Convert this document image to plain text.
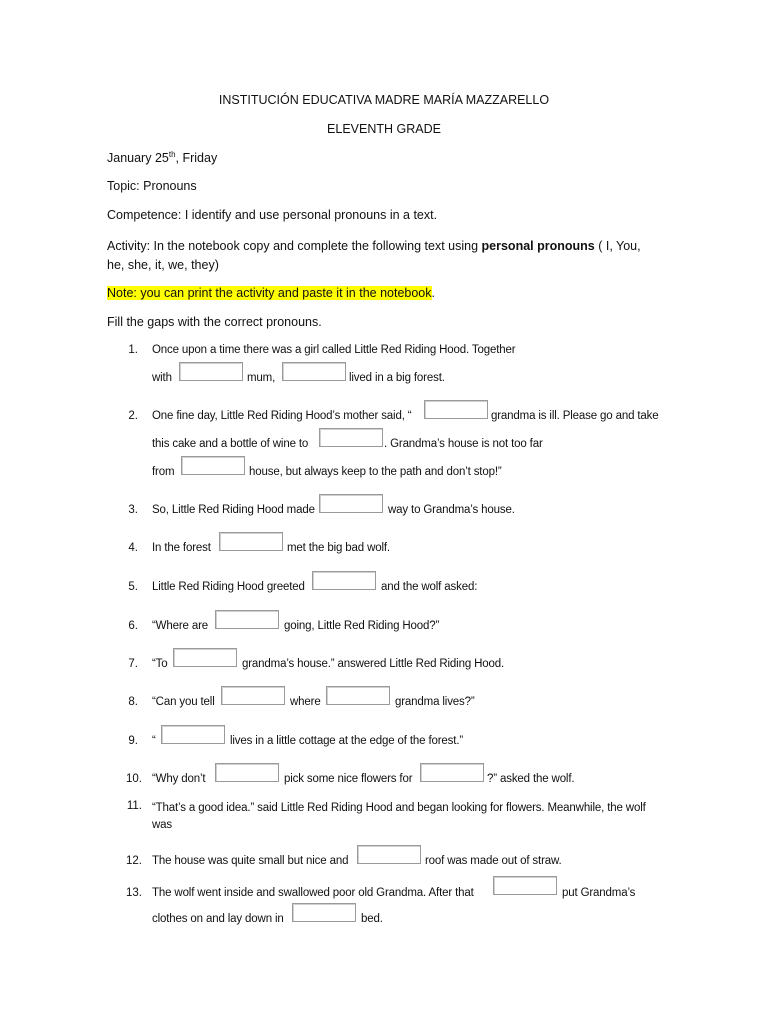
INSTITUCIÓN EDUCATIVA MADRE MARÍA MAZZARELLO
ELEVENTH GRADE
January 25th, Friday
Topic: Pronouns
Competence: I identify and use personal pronouns in a text.
Activity: In the notebook copy and complete the following text using personal pronouns ( I, You, he, she, it, we, they)
Note: you can print the activity and paste it in the notebook.
Fill the gaps with the correct pronouns.
1. Once upon a time there was a girl called Little Red Riding Hood. Together
with	mum,	lived in a big forest.
2. One fine day, Little Red Riding Hood’s mother said, “	grandma is ill. Please go and take
this cake and a bottle of wine to	. Grandma’s house is not too far
from	house, but always keep to the path and don’t stop!”
3. So, Little Red Riding Hood made	way to Grandma’s house.
4. In the forest	met the big bad wolf.
5. Little Red Riding Hood greeted	and the wolf asked:
6. “Where are	going, Little Red Riding Hood?”
7. “To	grandma’s house.” answered Little Red Riding Hood.
8. “Can you tell	where	grandma lives?”
9. “	lives in a little cottage at the edge of the forest.”
10. “Why don’t	pick some nice flowers for	?” asked the wolf.
11. “That’s a good idea.” said Little Red Riding Hood and began looking for flowers. Meanwhile, the wolf was
12. The house was quite small but nice and	roof was made out of straw.
13. The wolf went inside and swallowed poor old Grandma. After that	put Grandma’s
clothes on and lay down in	bed.
